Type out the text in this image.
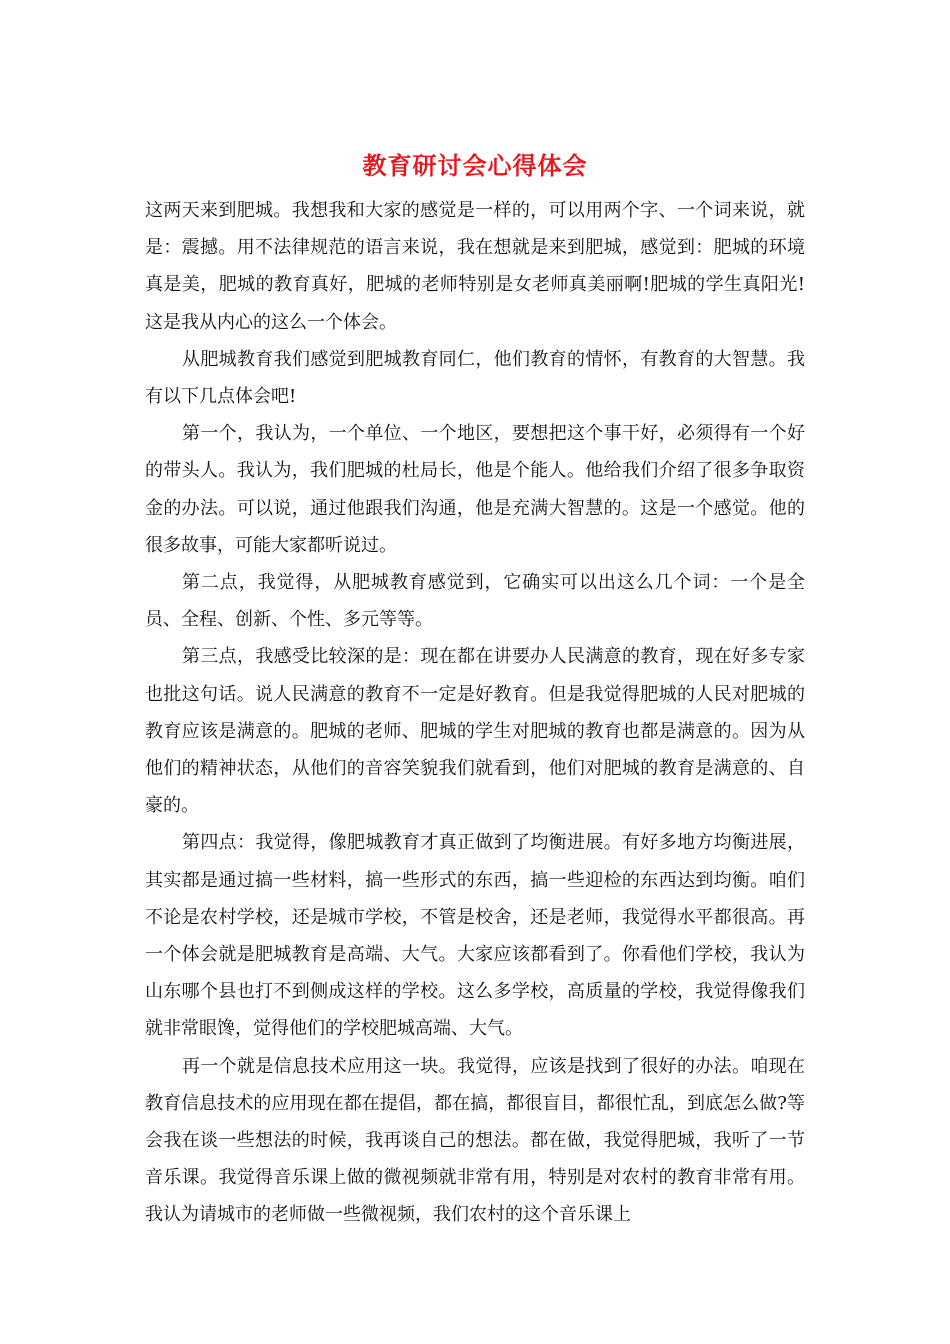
教育研讨会心得体会

这两天来到肥城。我想我和大家的感觉是一样的，可以用两个字、一个词来说，就是：震撼。用不法律规范的语言来说，我在想就是来到肥城，感觉到：肥城的环境真是美，肥城的教育真好，肥城的老师特别是女老师真美丽啊!肥城的学生真阳光!这是我从内心的这么一个体会。

从肥城教育我们感觉到肥城教育同仁，他们教育的情怀，有教育的大智慧。我有以下几点体会吧!

第一个，我认为，一个单位、一个地区，要想把这个事干好，必须得有一个好的带头人。我认为，我们肥城的杜局长，他是个能人。他给我们介绍了很多争取资金的办法。可以说，通过他跟我们沟通，他是充满大智慧的。这是一个感觉。他的很多故事，可能大家都听说过。

第二点，我觉得，从肥城教育感觉到，它确实可以出这么几个词：一个是全员、全程、创新、个性、多元等等。

第三点，我感受比较深的是：现在都在讲要办人民满意的教育，现在好多专家也批这句话。说人民满意的教育不一定是好教育。但是我觉得肥城的人民对肥城的教育应该是满意的。肥城的老师、肥城的学生对肥城的教育也都是满意的。因为从他们的精神状态，从他们的音容笑貌我们就看到，他们对肥城的教育是满意的、自豪的。

第四点：我觉得，像肥城教育才真正做到了均衡进展。有好多地方均衡进展，其实都是通过搞一些材料，搞一些形式的东西，搞一些迎检的东西达到均衡。咱们不论是农村学校，还是城市学校，不管是校舍，还是老师，我觉得水平都很高。再一个体会就是肥城教育是高端、大气。大家应该都看到了。你看他们学校，我认为山东哪个县也打不到侧成这样的学校。这么多学校，高质量的学校，我觉得像我们就非常眼馋，觉得他们的学校肥城高端、大气。

再一个就是信息技术应用这一块。我觉得，应该是找到了很好的办法。咱现在教育信息技术的应用现在都在提倡，都在搞，都很盲目，都很忙乱，到底怎么做?等会我在谈一些想法的时候，我再谈自己的想法。都在做，我觉得肥城，我听了一节音乐课。我觉得音乐课上做的微视频就非常有用，特别是对农村的教育非常有用。我认为请城市的老师做一些微视频，我们农村的这个音乐课上
